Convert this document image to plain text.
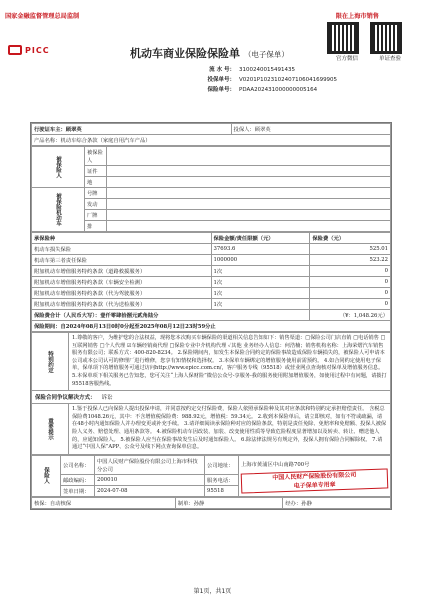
国家金融监督管理总局监制	限在上海市销售
官方微信	单证查验
PICC	机动车商业保险保险单 （电子保单）
流 水 号： 3100240015491435
投保单号： V0201P1023102407106041699905
保险单号： PDAA202431000000005164
行驶证车主：顾翠英	投保人：顾翠英
产品名称：机动车综合条款（家庭自用汽车产品）
被保险人	被保险人	
	证件	
	地	
被保险机动车	号牌	
	发动	
	厂牌	
	排	
承保险种	保险金额/责任限额（元）	保险费（元）
机动车损失保险	37693.6	525.01
机动车第三者责任保险	1000000	523.22
附加机动车增值服务特约条款（道路救援服务）	1次	0
附加机动车增值服务特约条款（车辆安全检测）	1次	0
附加机动车增值服务特约条款（代为驾驶服务）	1次	0
附加机动车增值服务特约条款（代为送检服务）	1次	0
保险费合计（人民币大写）：壹仟零肆拾捌元贰角陆分		（¥：1,048.26元）
保险期间：自2024年08月13日0时0分起至2025年08月12日23时59分止		
特别约定	1.尊敬的客户，为维护您的合法权益，现将您本次购买车辆保险的渠道相关信息告知如下：销售渠道：□保险公司门店直销 □电话销售 □互联网销售 □个人代理 ☑车辆经销商代理 □保险专业中介机构代理 ✓其他 业务经办人信息：何浩楠；销售机构名称：上海荣熠汽车销售服务有限公司；联系方式：400-820-8234。 2.保险期间内，如发生本保险合同约定的保险事故造成保险车辆损失的，被保险人可申请本公司或本公司认可的修理厂进行维修，您享有知情权和选择权。 3.本保单车辆绑定的增值服务使用前需预约。 4.如合同约定使用电子保单，保单项下的增值服务可通过访问http://www.epicc.com.cn/，客户服务专线（95518）或营业网点查询核对保单及增值服务信息。 5.本保单项下相关服务已告知您，您可关注“上海人保财险”微信公众号-享服务-我的服务使用附加增值服务，如使用过程中有问题，请拨打95518客服热线。
保险合同争议解决方式： 诉讼	
重要提示	1.鉴于投保人已向保险人提出投保申请，并同意按约定交付保险费，保险人依照承保险种及其对应条款和特别约定承担赔偿责任。 含税总保险费1048.26元，其中：不含增值税保险费：988.92元，增值税：59.34元。 2.收到本保险单后，请立即核对，如有不符或疏漏，请在48小时内通知保险人并办理变更或补充手续。 3.请详细阅读承保险种对应的保险条款，特别是责任免除、免赔率和免赔额、投保人被保险人义务、赔偿处理、通用条款等。 4.被保险机动车因改装、加装、改变使用性质等导致危险程度显著增加以及转卖、转让、赠送他人的，应通知保险人。 5.被保险人应当在保险事故发生后及时通知保险人。 6.除法律法规另有规定外，投保人拥有保险合同解除权。 7.请通过“中国人保”APP、公众号及线下网点查询保单信息。
保险人	公司名称：	中国人民财产保险股份有限公司上海市科技分公司	公司地址：	上海市黄浦区中山南路700号
中国人民财产保险股份有限公司
电子保单专用章

	邮政编码：	200010	服务电话：	
	签单日期：	2024-07-08	95518	
核保：自动核保	制单：孙静	经办：孙静
第1页，共1页
